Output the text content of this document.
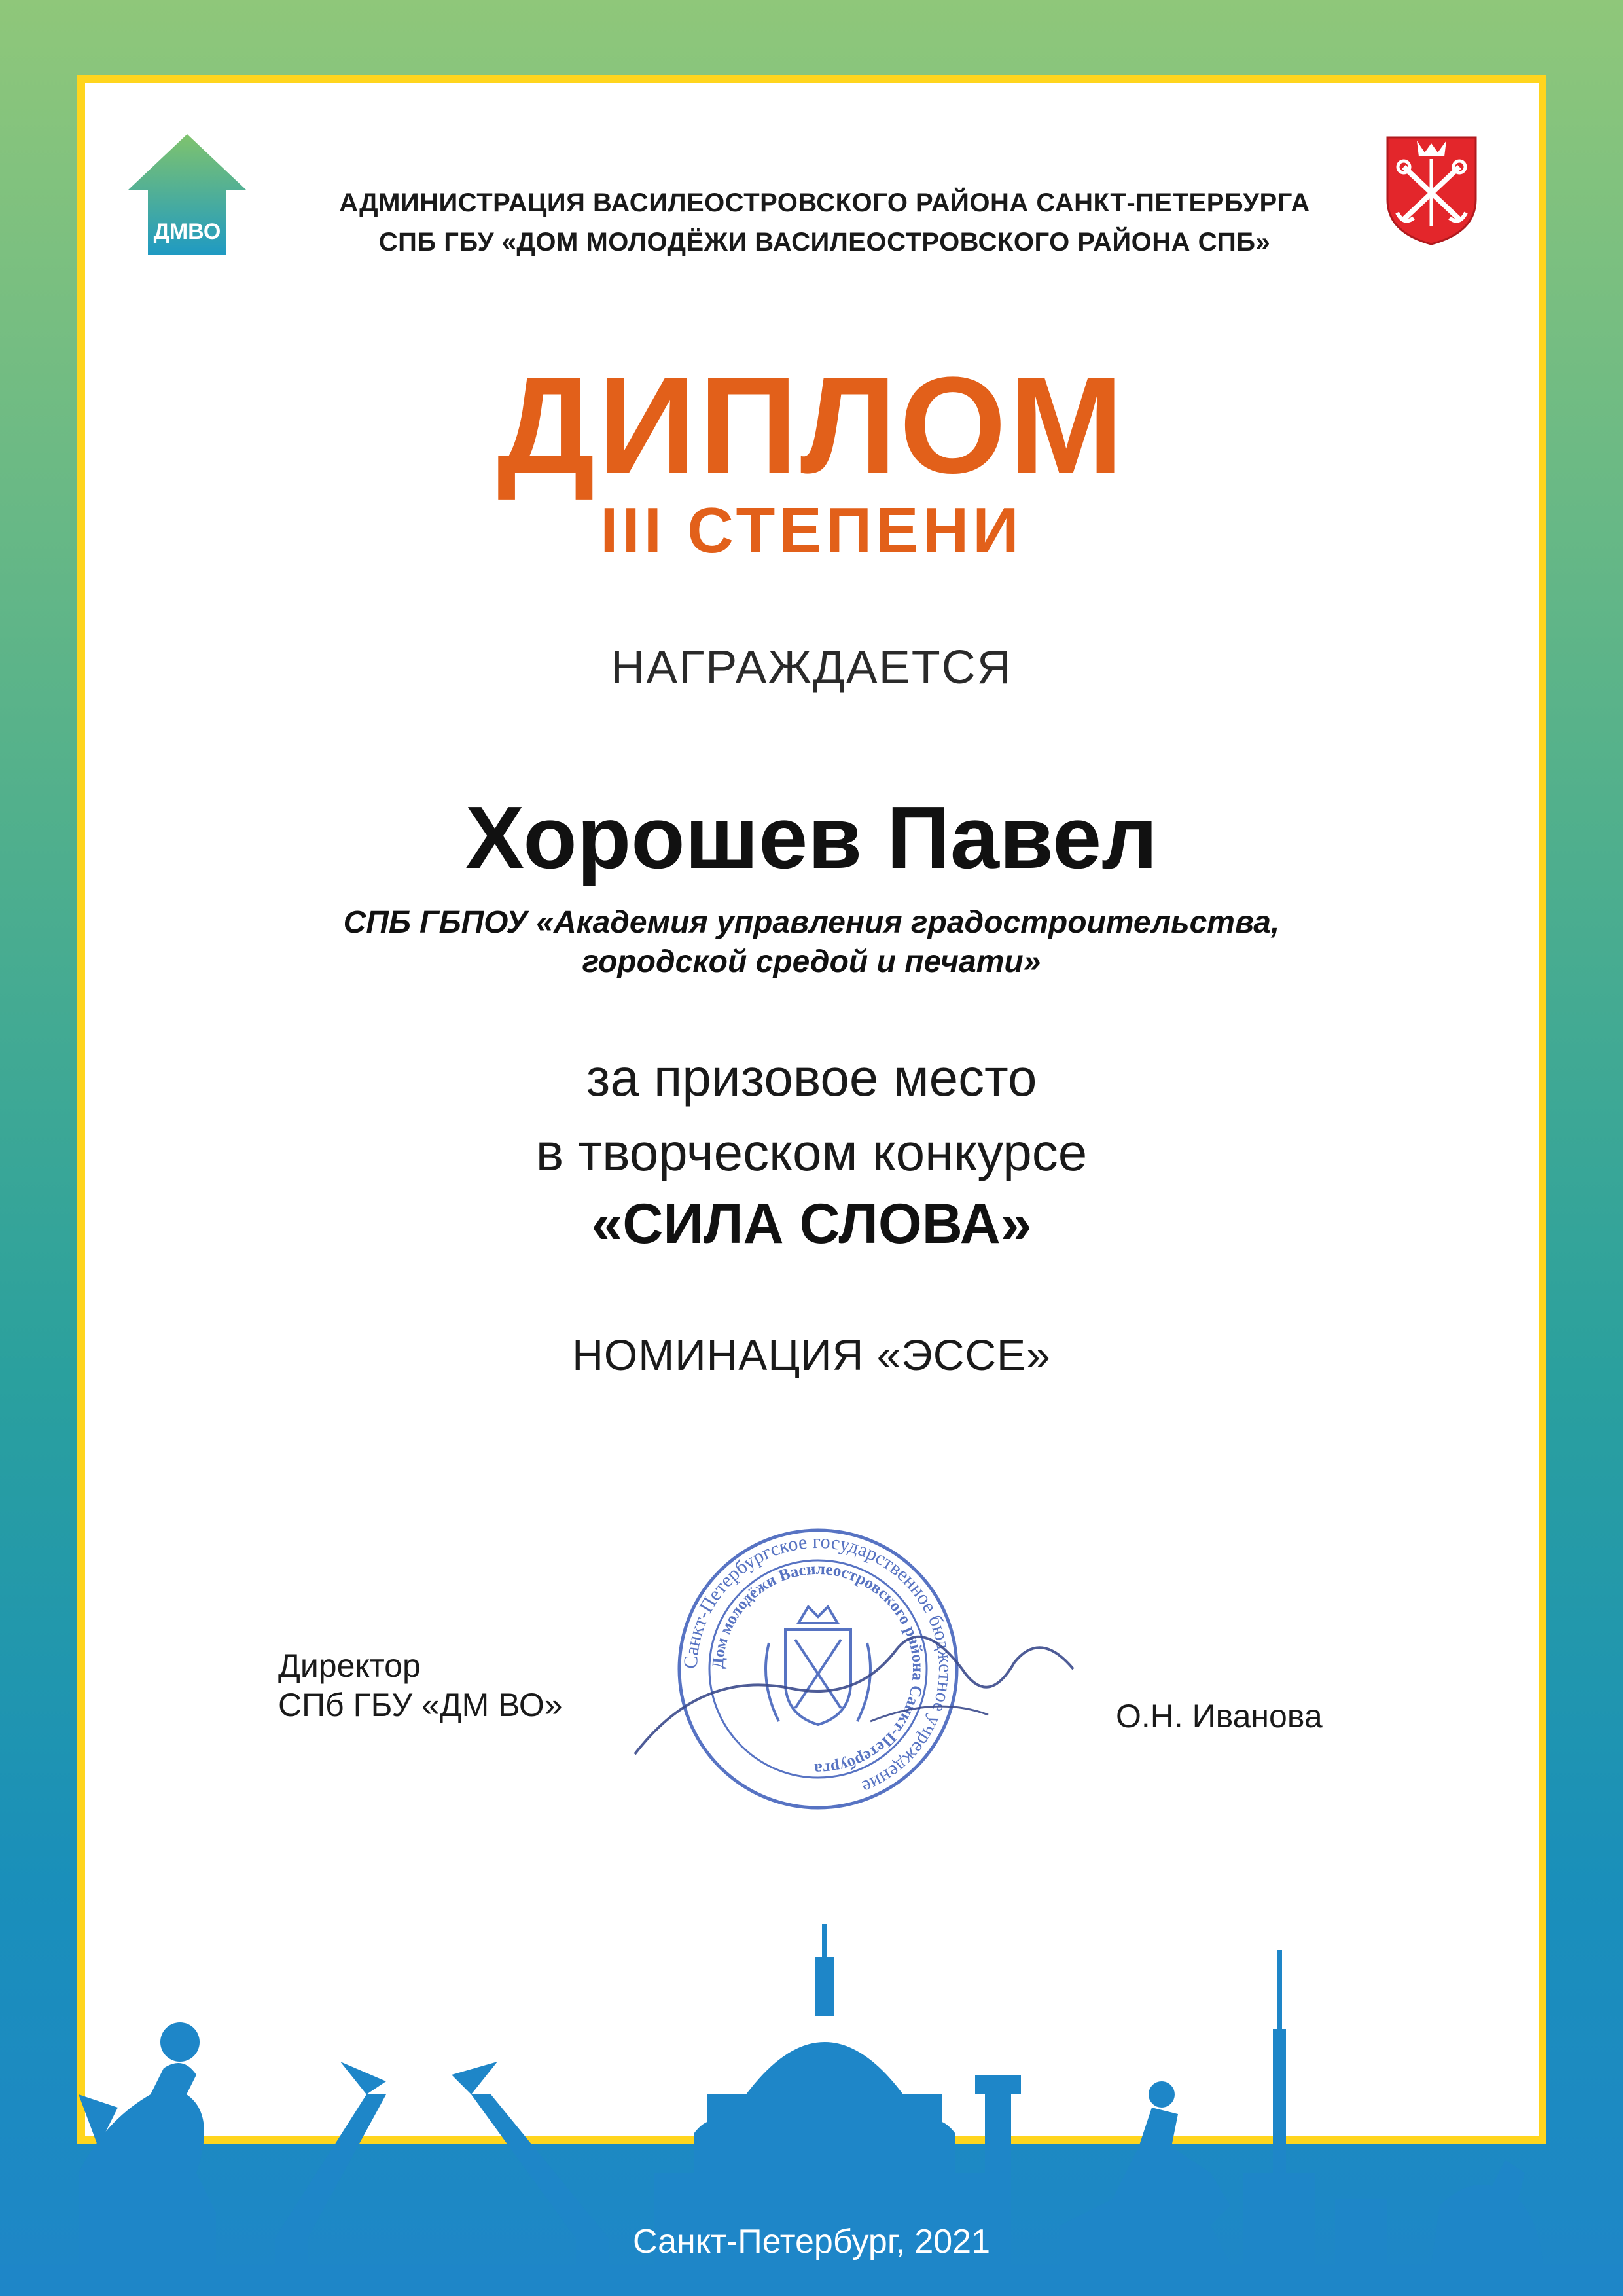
ДМВО
АДМИНИСТРАЦИЯ ВАСИЛЕОСТРОВСКОГО РАЙОНА САНКТ-ПЕТЕРБУРГА
СПБ ГБУ «ДОМ МОЛОДЁЖИ ВАСИЛЕОСТРОВСКОГО РАЙОНА СПБ»
ДИПЛОМ
III СТЕПЕНИ
НАГРАЖДАЕТСЯ
Хорошев Павел
СПБ ГБПОУ «Академия управления градостроительства,
городской средой и печати»
за призовое место
в творческом конкурсе
«СИЛА СЛОВА»
НОМИНАЦИЯ «ЭССЕ»
Директор
СПб ГБУ «ДМ ВО»	О.Н. Иванова
Санкт-Петербургское государственное бюджетное учреждение
Дом молодёжи Василеостровского района Санкт-Петербурга
Санкт-Петербург, 2021
